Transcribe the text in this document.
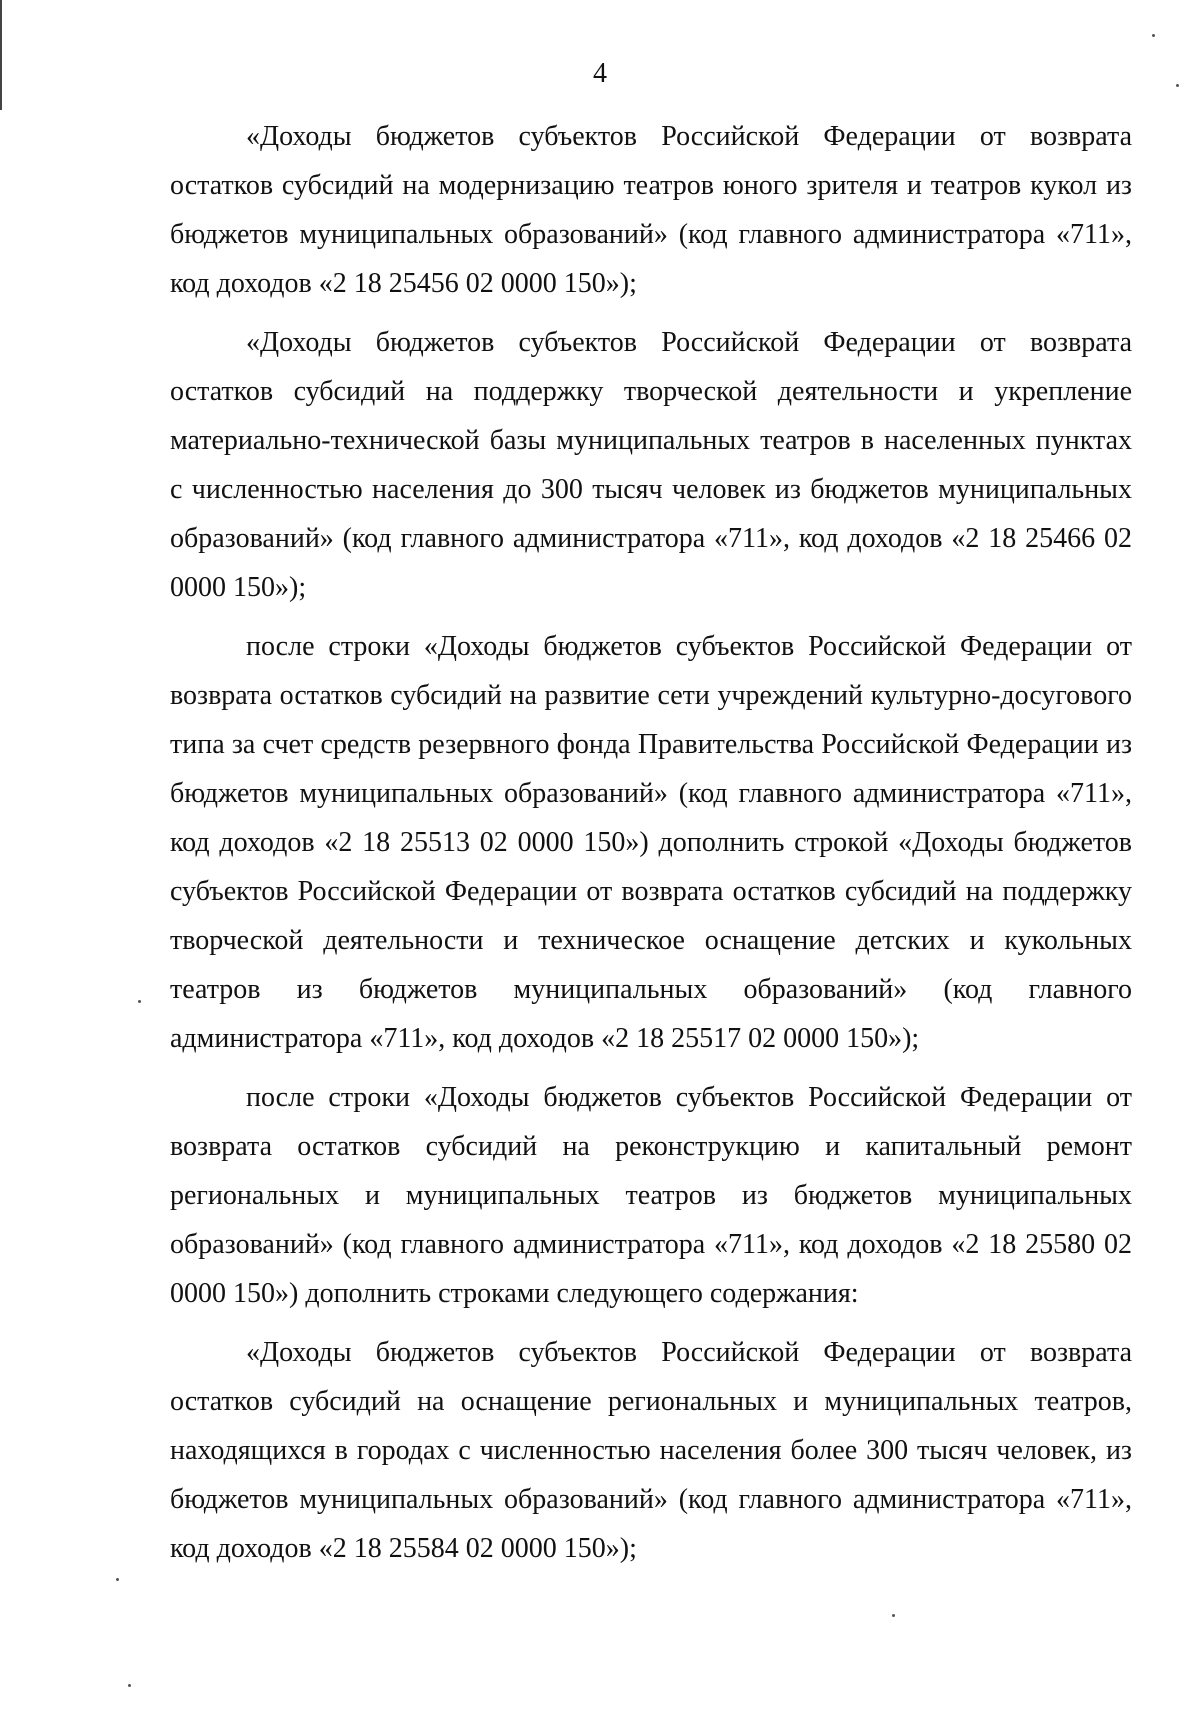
4

«Доходы бюджетов субъектов Российской Федерации от возврата остатков субсидий на модернизацию театров юного зрителя и театров кукол из бюджетов муниципальных образований» (код главного администратора «711», код доходов «2 18 25456 02 0000 150»);

«Доходы бюджетов субъектов Российской Федерации от возврата остатков субсидий на поддержку творческой деятельности и укрепление материально-технической базы муниципальных театров в населенных пунктах с численностью населения до 300 тысяч человек из бюджетов муниципальных образований» (код главного администратора «711», код доходов «2 18 25466 02 0000 150»);

после строки «Доходы бюджетов субъектов Российской Федерации от возврата остатков субсидий на развитие сети учреждений культурно-досугового типа за счет средств резервного фонда Правительства Российской Федерации из бюджетов муниципальных образований» (код главного администратора «711», код доходов «2 18 25513 02 0000 150») дополнить строкой «Доходы бюджетов субъектов Российской Федерации от возврата остатков субсидий на поддержку творческой деятельности и техническое оснащение детских и кукольных театров из бюджетов муниципальных образований» (код главного администратора «711», код доходов «2 18 25517 02 0000 150»);

после строки «Доходы бюджетов субъектов Российской Федерации от возврата остатков субсидий на реконструкцию и капитальный ремонт региональных и муниципальных театров из бюджетов муниципальных образований» (код главного администратора «711», код доходов «2 18 25580 02 0000 150») дополнить строками следующего содержания:

«Доходы бюджетов субъектов Российской Федерации от возврата остатков субсидий на оснащение региональных и муниципальных театров, находящихся в городах с численностью населения более 300 тысяч человек, из бюджетов муниципальных образований» (код главного администратора «711», код доходов «2 18 25584 02 0000 150»);
